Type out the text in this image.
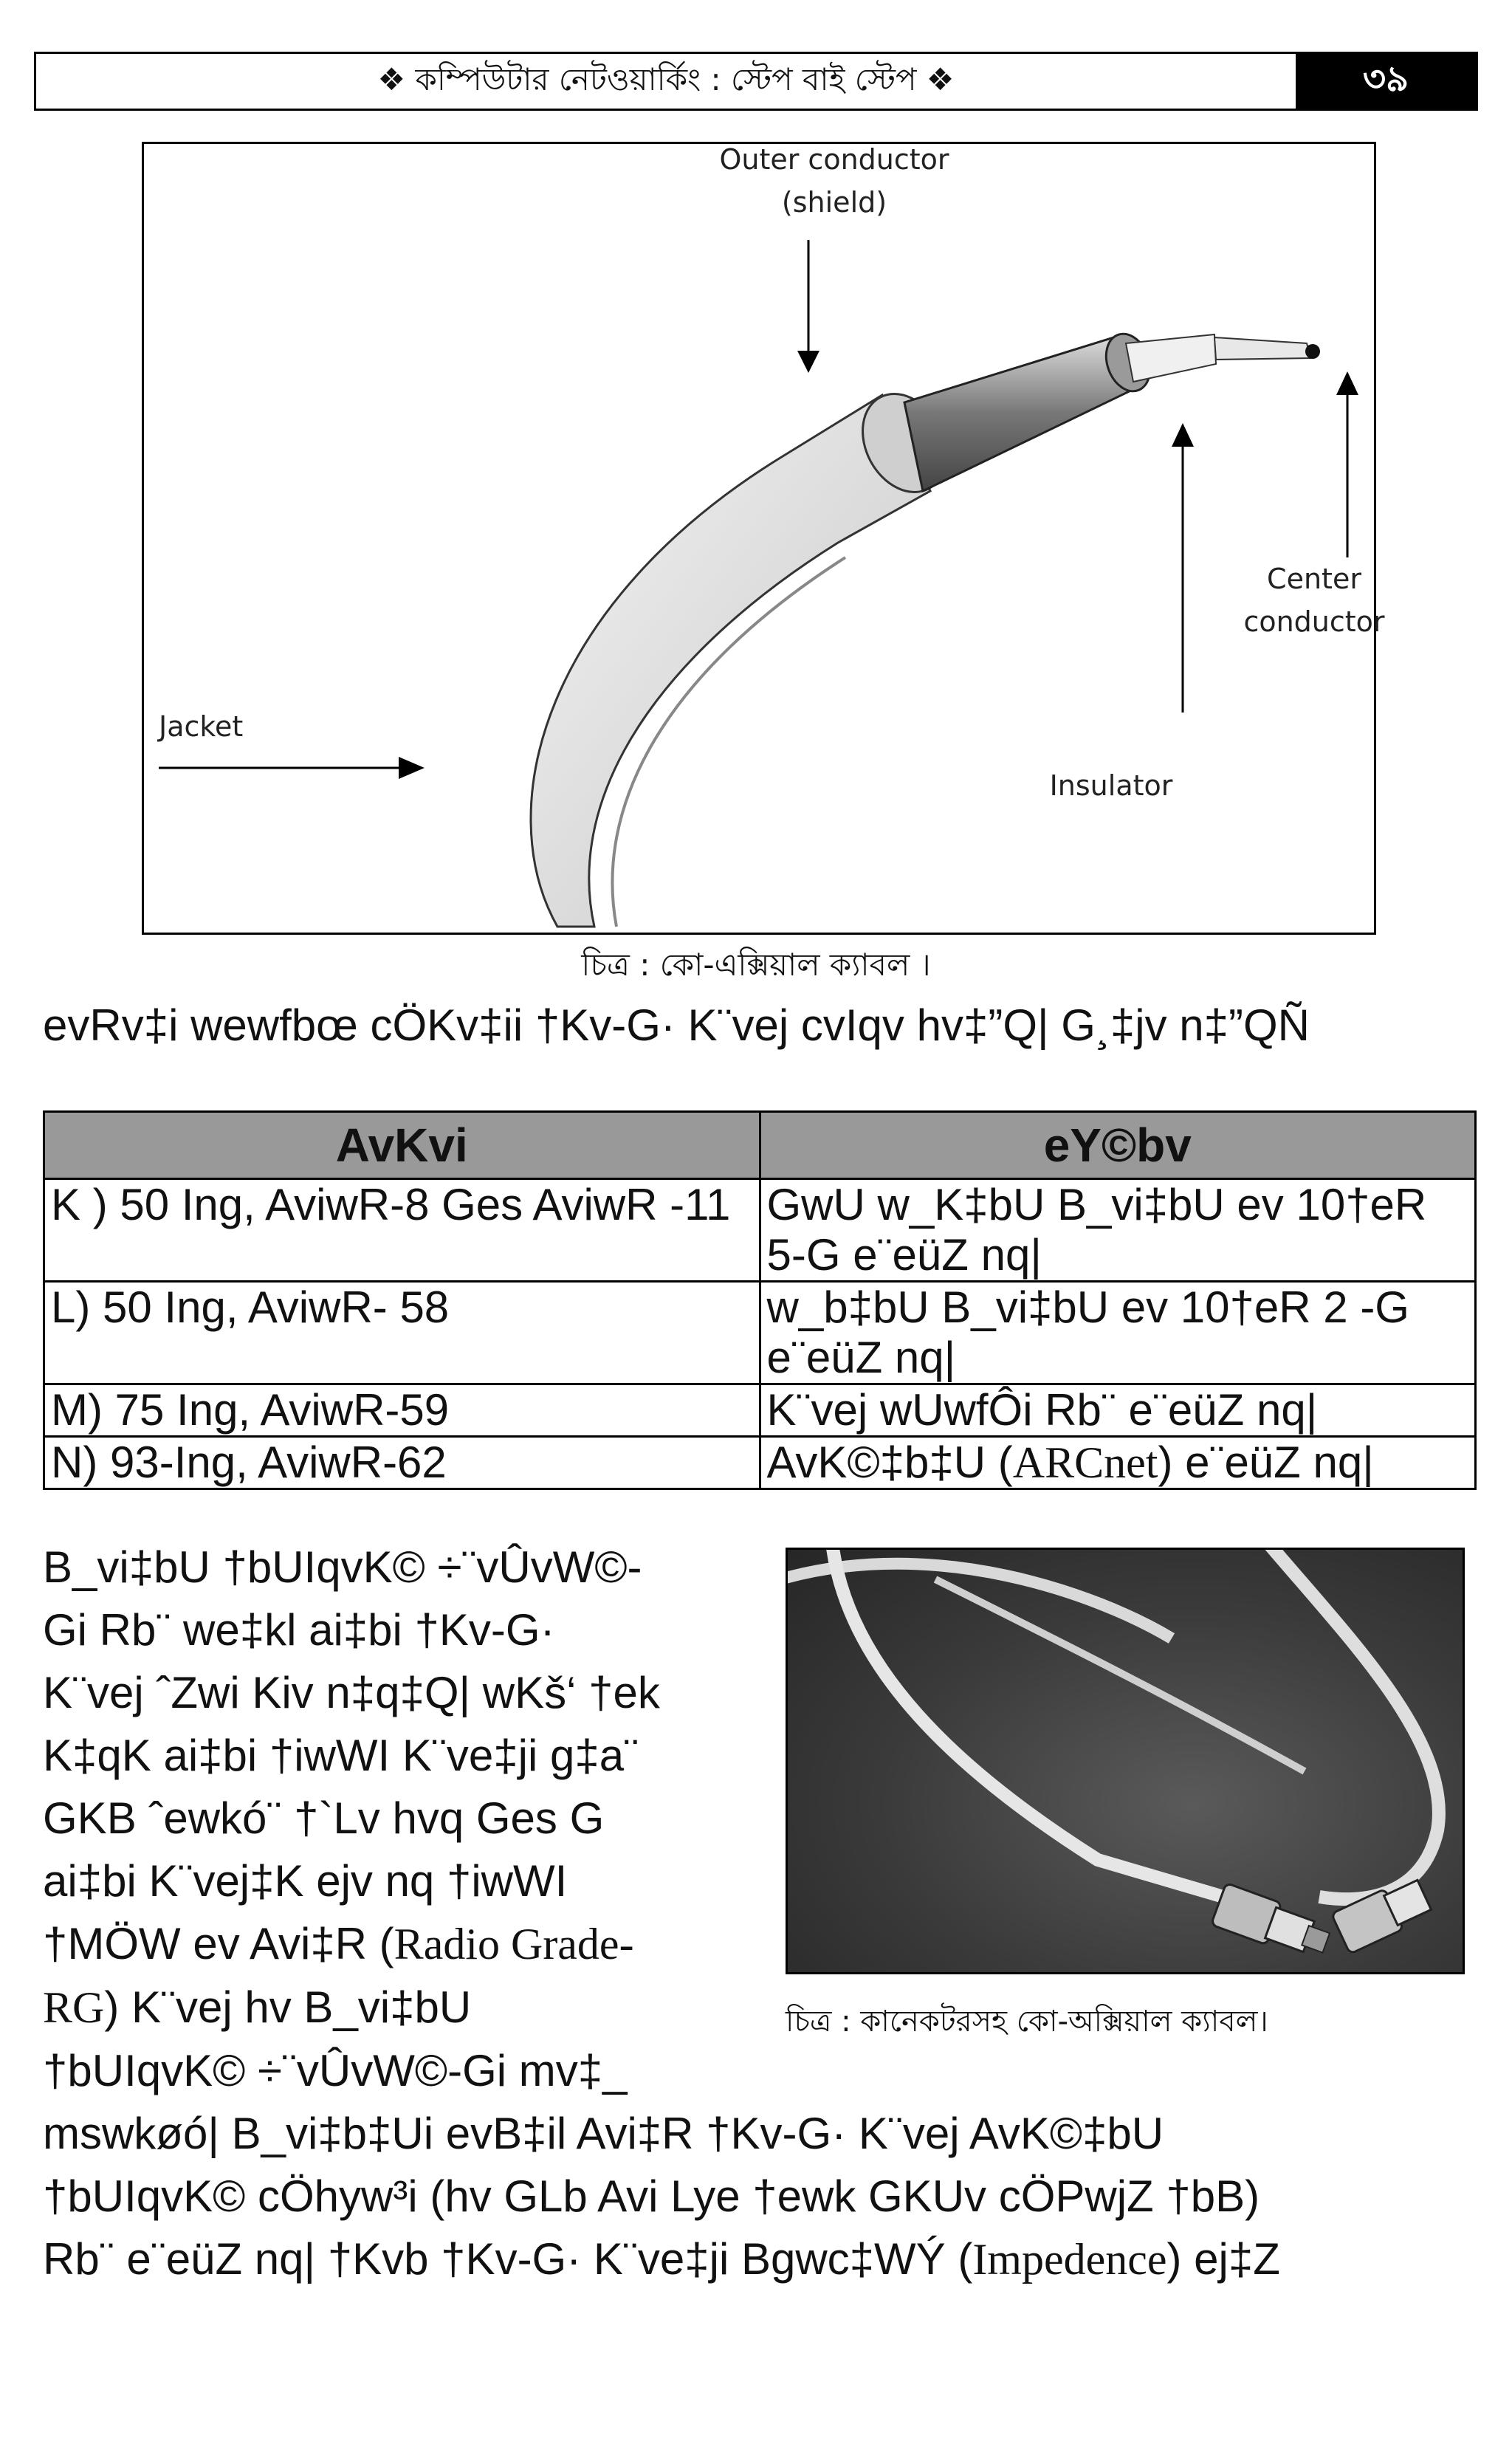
❖ কম্পিউটার নেটওয়ার্কিং : স্টেপ বাই স্টেপ ❖	৩৯
Outer conductor
(shield)
Center
conductor
Jacket
Insulator
চিত্র : কো-এক্সিয়াল ক্যাবল ।
evRv‡i wewfbœ cÖKv‡ii †Kv-G· K¨vej cvIqv hv‡”Q| G¸‡jv n‡”QÑ
AvKvi	eY©bv
K ) 50 Ing, AviwR-8 Ges AviwR -11	GwU w_K‡bU B_vi‡bU ev 10†eR 5-G e¨eüZ nq|
L) 50 Ing, AviwR- 58	w_b‡bU B_vi‡bU ev 10†eR 2 -G e¨eüZ nq|
M) 75 Ing, AviwR-59	K¨vej wUwfÔi Rb¨ e¨eüZ nq|
N) 93-Ing, AviwR-62	AvK©‡b‡U (ARCnet) e¨eüZ nq|
B_vi‡bU †bUIqvK© ÷¨vÛvW©-
Gi Rb¨ we‡kl ai‡bi †Kv-G·
K¨vej ˆZwi Kiv n‡q‡Q| wKš‘ †ek
K‡qK ai‡bi †iwWI K¨ve‡ji g‡a¨
GKB ˆewkó¨ †`Lv hvq Ges G
ai‡bi K¨vej‡K ejv nq †iwWI
†MÖW ev Avi‡R (Radio Grade-
RG) K¨vej hv B_vi‡bU
†bUIqvK© ÷¨vÛvW©-Gi mv‡_
mswkøó| B_vi‡b‡Ui evB‡il Avi‡R †Kv-G· K¨vej AvK©‡bU
†bUIqvK© cÖhyw³i (hv GLb Avi Lye †ewk GKUv cÖPwjZ †bB)
Rb¨ e¨eüZ nq| †Kvb †Kv-G· K¨ve‡ji Bgwc‡WÝ (Impedence) ej‡Z
চিত্র : কানেকটরসহ কো-অক্সিয়াল ক্যাবল।
